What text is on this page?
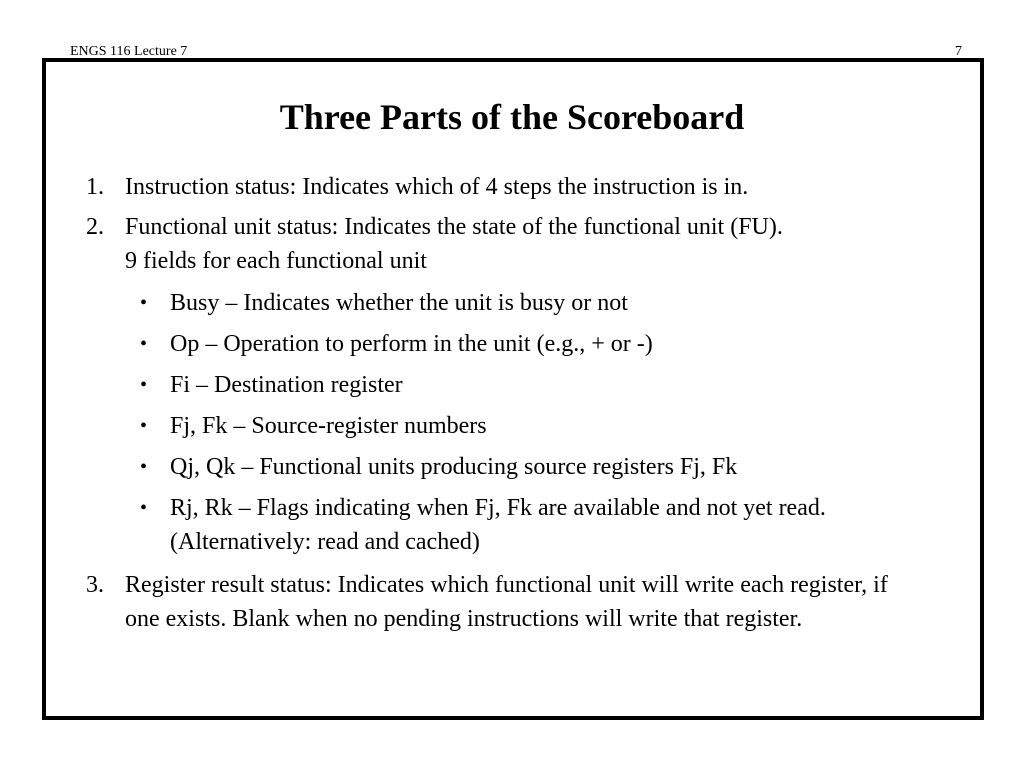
ENGS 116 Lecture 7	7
Three Parts of the Scoreboard
1. Instruction status: Indicates which of 4 steps the instruction is in.
2. Functional unit status: Indicates the state of the functional unit (FU).
9 fields for each functional unit
• Busy – Indicates whether the unit is busy or not
• Op – Operation to perform in the unit (e.g., + or -)
• Fi – Destination register
• Fj, Fk – Source-register numbers
• Qj, Qk – Functional units producing source registers Fj, Fk
• Rj, Rk – Flags indicating when Fj, Fk are available and not yet read. (Alternatively: read and cached)
3. Register result status: Indicates which functional unit will write each register, if one exists. Blank when no pending instructions will write that register.
